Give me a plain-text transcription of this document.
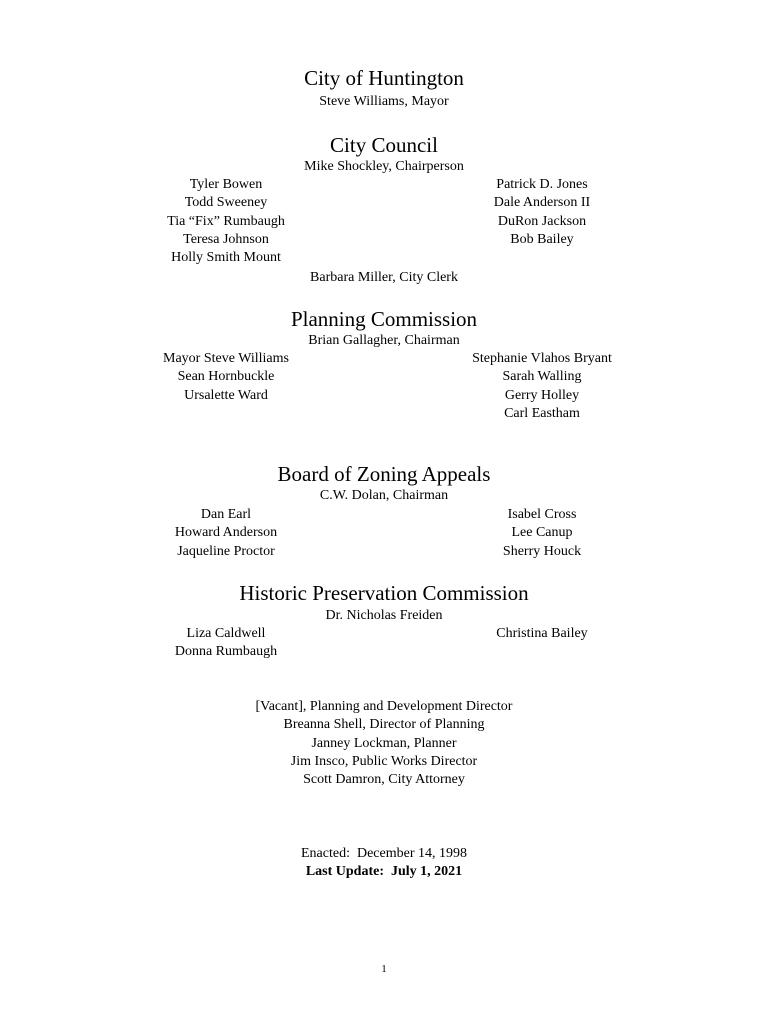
City of Huntington
Steve Williams, Mayor
City Council
Mike Shockley, Chairperson
Tyler Bowen
Todd Sweeney
Tia “Fix” Rumbaugh
Teresa Johnson
Holly Smith Mount
Patrick D. Jones
Dale Anderson II
DuRon Jackson
Bob Bailey
Barbara Miller, City Clerk
Planning Commission
Brian Gallagher, Chairman
Mayor Steve Williams
Sean Hornbuckle
Ursalette Ward
Stephanie Vlahos Bryant
Sarah Walling
Gerry Holley
Carl Eastham
Board of Zoning Appeals
C.W. Dolan, Chairman
Dan Earl
Howard Anderson
Jaqueline Proctor
Isabel Cross
Lee Canup
Sherry Houck
Historic Preservation Commission
Dr. Nicholas Freiden
Liza Caldwell
Donna Rumbaugh
Christina Bailey
[Vacant], Planning and Development Director
Breanna Shell, Director of Planning
Janney Lockman, Planner
Jim Insco, Public Works Director
Scott Damron, City Attorney
Enacted:  December 14, 1998
Last Update:  July 1, 2021
1
